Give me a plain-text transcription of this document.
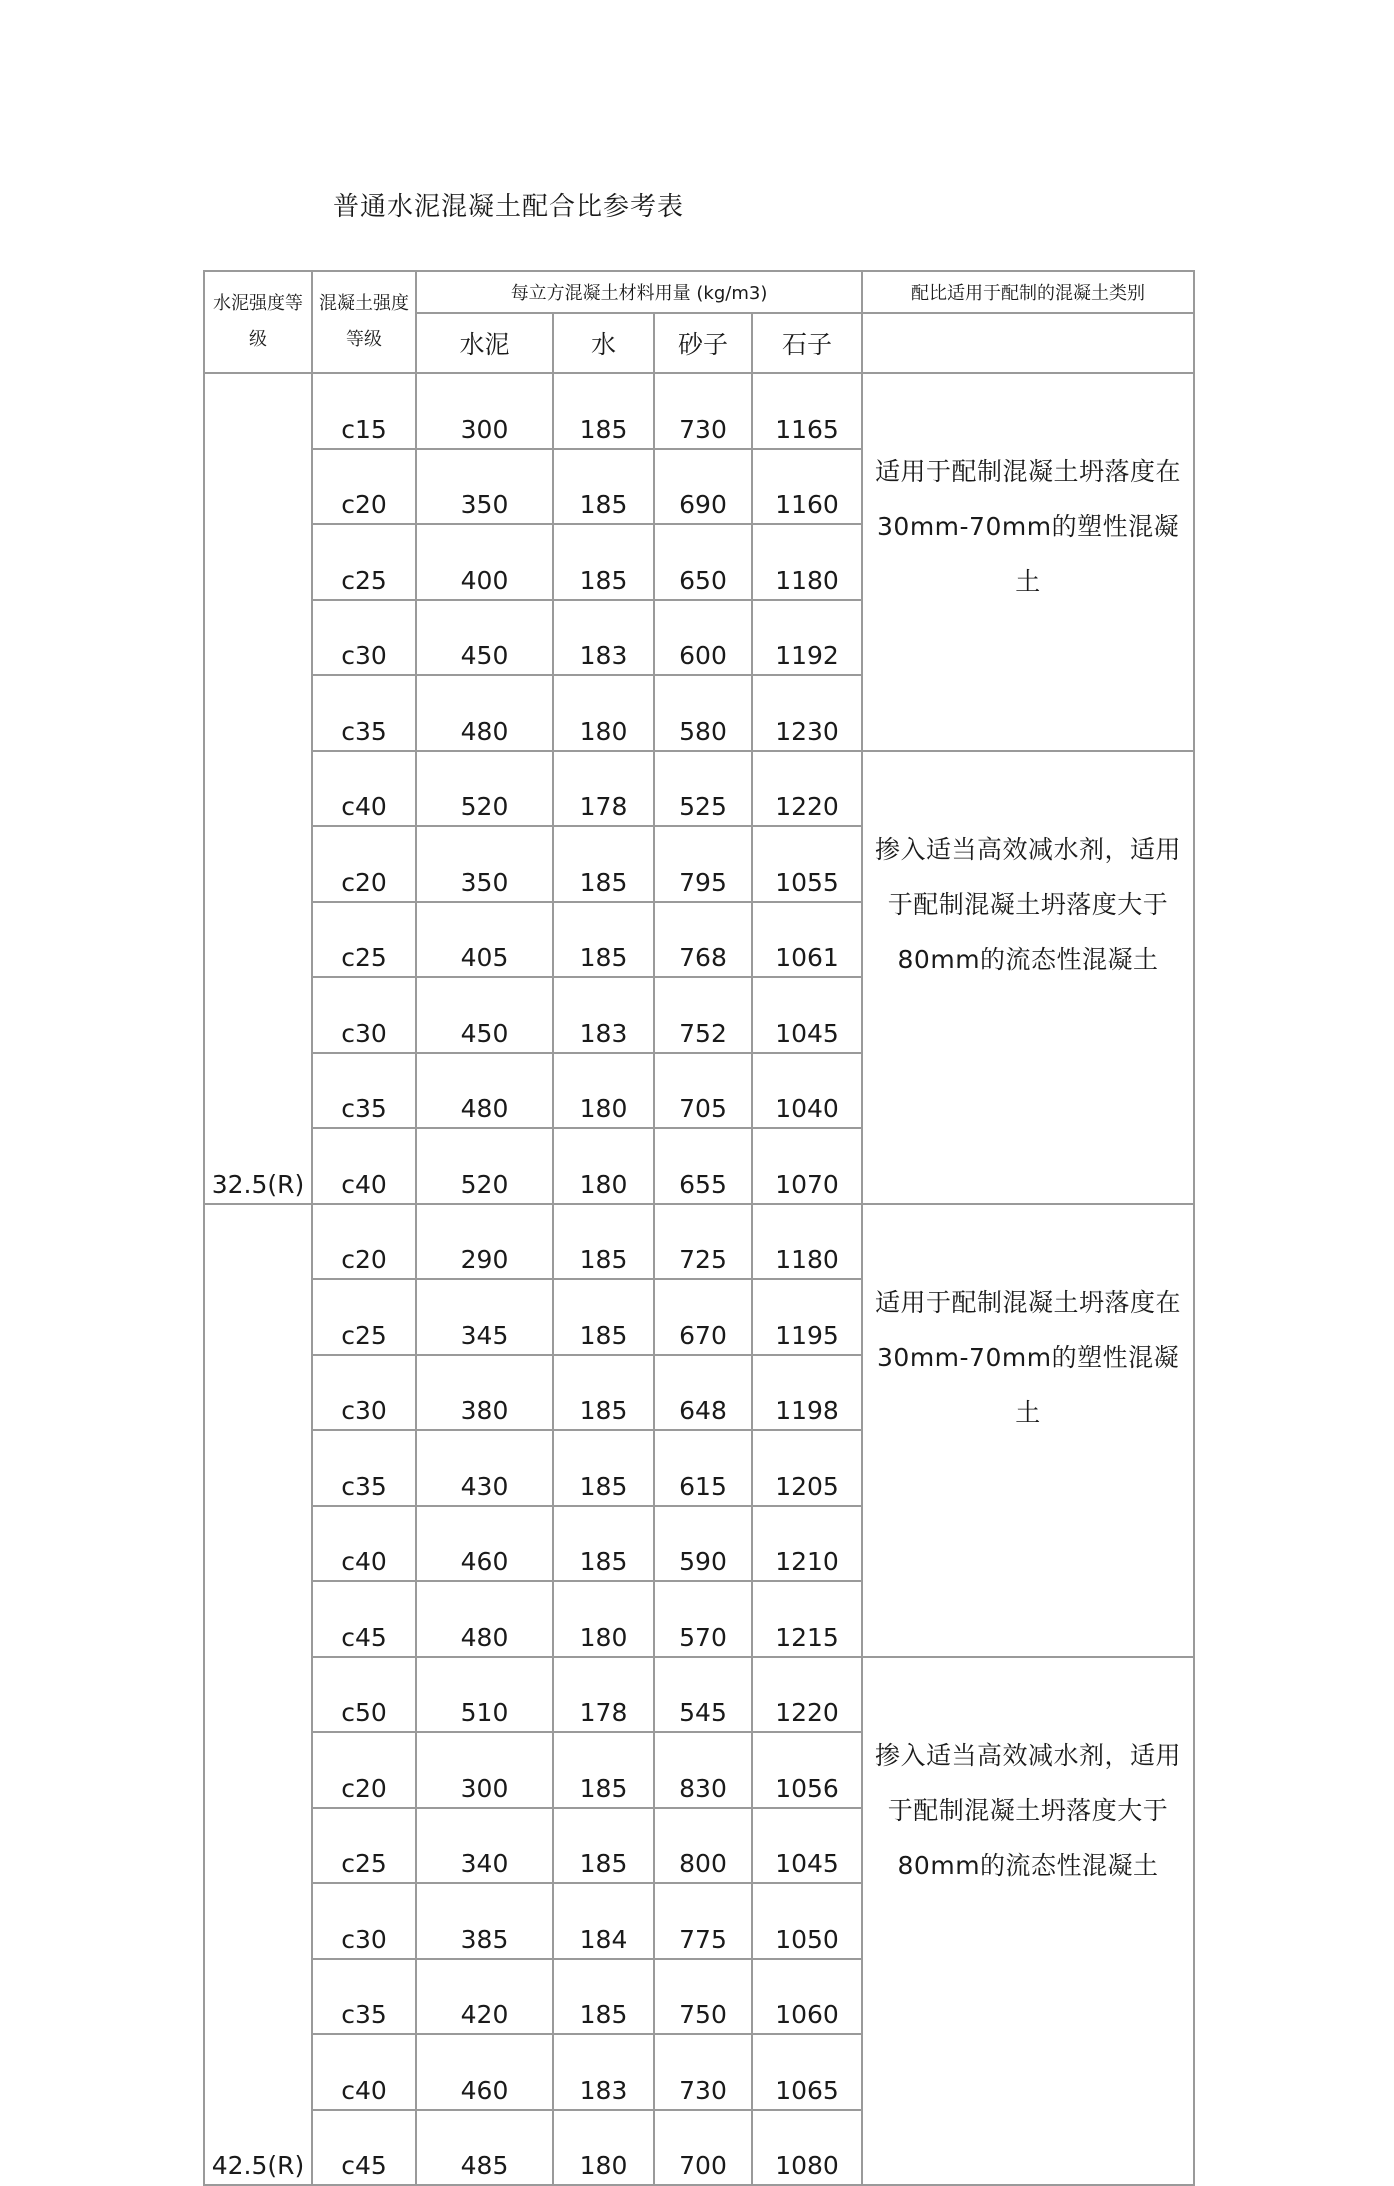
普通水泥混凝土配合比参考表
水泥强度等级	混凝土强度等级	每立方混凝土材料用量 (kg/m3)				配比适用于配制的混凝土类别
		水泥	水	砂子	石子	
32.5(R)	c15	300	185	730	1165	适用于配制混凝土坍落度在 30mm-70mm的塑性混凝土
	c20	350	185	690	1160	
	c25	400	185	650	1180	
	c30	450	183	600	1192	
	c35	480	180	580	1230	
	c40	520	178	525	1220	掺入适当高效减水剂，适用于配制混凝土坍落度大于80mm的流态性混凝土
	c20	350	185	795	1055	
	c25	405	185	768	1061	
	c30	450	183	752	1045	
	c35	480	180	705	1040	
	c40	520	180	655	1070	
42.5(R)	c20	290	185	725	1180	适用于配制混凝土坍落度在 30mm-70mm的塑性混凝土
	c25	345	185	670	1195	
	c30	380	185	648	1198	
	c35	430	185	615	1205	
	c40	460	185	590	1210	
	c45	480	180	570	1215	
	c50	510	178	545	1220	掺入适当高效减水剂，适用于配制混凝土坍落度大于80mm的流态性混凝土
	c20	300	185	830	1056	
	c25	340	185	800	1045	
	c30	385	184	775	1050	
	c35	420	185	750	1060	
	c40	460	183	730	1065	
	c45	485	180	700	1080	
